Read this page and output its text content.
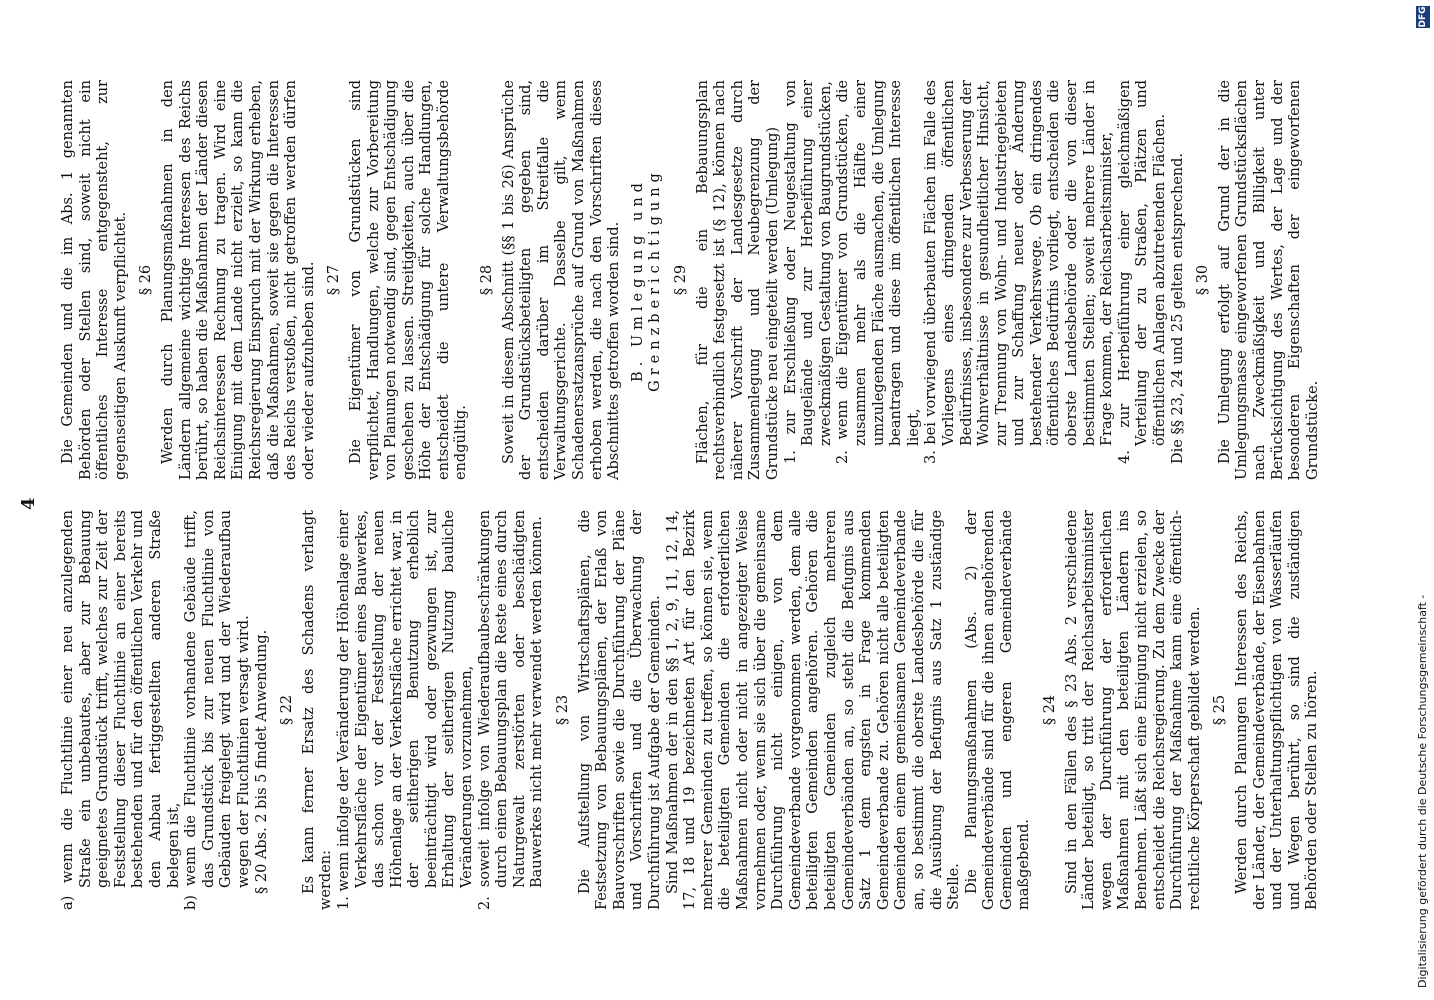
4

a) wenn die Fluchtlinie einer neu anzulegenden Straße ein unbebautes, aber zur Bebauung geeignetes Grundstück trifft, welches zur Zeit der Feststellung dieser Fluchtlinie an einer bereits bestehenden und für den öffentlichen Verkehr und den Anbau fertiggestellten anderen Straße belegen ist, b) wenn die Fluchtlinie vorhandene Gebäude trifft, das Grundstück bis zur neuen Fluchtlinie von Gebäuden freigelegt wird und der Wiederaufbau wegen der Fluchtlinien versagt wird. § 20 Abs. 2 bis 5 findet Anwendung. § 22 Es kann ferner Ersatz des Schadens verlangt werden: 1. wenn infolge der Veränderung der Höhenlage einer Verkehrsfläche der Eigentümer eines Bauwerkes, das schon vor der Feststellung der neuen Höhenlage an der Verkehrsfläche errichtet war, in der seitherigen Benutzung erheblich beeinträchtigt wird oder gezwungen ist, zur Erhaltung der seitherigen Nutzung bauliche Veränderungen vorzunehmen, 2. soweit infolge von Wiederaufbaubeschränkungen durch einen Bebauungsplan die Reste eines durch Naturgewalt zerstörten oder beschädigten Bauwerkes nicht mehr verwendet werden können. § 23 Die Aufstellung von Wirtschaftsplänen, die Festsetzung von Bebauungsplänen, der Erlaß von Bauvorschriften sowie die Durchführung der Pläne und Vorschriften und die Überwachung der Durchführung ist Aufgabe der Gemeinden. Sind Maßnahmen der in den §§ 1, 2, 9, 11, 12, 14, 17, 18 und 19 bezeichneten Art für den Bezirk mehrerer Gemeinden zu treffen, so können sie, wenn die beteiligten Gemeinden die erforderlichen Maßnahmen nicht oder nicht in angezeigter Weise vornehmen oder, wenn sie sich über die gemeinsame Durchführung nicht einigen, von dem Gemeindeverbande vorgenommen werden, dem alle beteiligten Gemeinden angehören. Gehören die beteiligten Gemeinden zugleich mehreren Gemeindeverbänden an, so steht die Befugnis aus Satz 1 dem engsten in Frage kommenden Gemeindeverbande zu. Gehören nicht alle beteiligten Gemeinden einem gemeinsamen Gemeindeverbande an, so bestimmt die oberste Landesbehörde die für die Ausübung der Befugnis aus Satz 1 zuständige Stelle. Die Planungsmaßnahmen (Abs. 2) der Gemeindeverbände sind für die ihnen angehörenden Gemeinden und engeren Gemeindeverbände maßgebend.

§ 24 Sind in den Fällen des § 23 Abs. 2 verschiedene Länder beteiligt, so tritt der Reichsarbeitsminister wegen der Durchführung der erforderlichen Maßnahmen mit den beteiligten Ländern ins Benehmen. Läßt sich eine Einigung nicht erzielen, so entscheidet die Reichsregierung. Zu dem Zwecke der Durchführung der Maßnahme kann eine öffentlich-rechtliche Körperschaft gebildet werden. § 25 Werden durch Planungen Interessen des Reichs, der Länder, der Gemeindeverbände, der Eisenbahnen und der Unterhaltungspflichtigen von Wasserläufen und Wegen berührt, so sind die zuständigen Behörden oder Stellen zu hören.

Die Gemeinden und die im Abs. 1 genannten Behörden oder Stellen sind, soweit nicht ein öffentliches Interesse entgegensteht, zur gegenseitigen Auskunft verpflichtet. § 26 Werden durch Planungsmaßnahmen in den Ländern allgemeine wichtige Interessen des Reichs berührt, so haben die Maßnahmen der Länder diesen Reichsinteressen Rechnung zu tragen. Wird eine Einigung mit dem Lande nicht erzielt, so kann die Reichsregierung Einspruch mit der Wirkung erheben, daß die Maßnahmen, soweit sie gegen die Interessen des Reichs verstoßen, nicht getroffen werden dürfen oder wieder aufzuheben sind. § 27 Die Eigentümer von Grundstücken sind verpflichtet, Handlungen, welche zur Vorbereitung von Planungen notwendig sind, gegen Entschädigung geschehen zu lassen. Streitigkeiten, auch über die Höhe der Entschädigung für solche Handlungen, entscheidet die untere Verwaltungsbehörde endgültig.

§ 28 Soweit in diesem Abschnitt (§§ 1 bis 26) Ansprüche der Grundstücksbeteiligten gegeben sind, entscheiden darüber im Streitfalle die Verwaltungsgerichte. Dasselbe gilt, wenn Schadenersatzansprüche auf Grund von Maßnahmen erhoben werden, die nach den Vorschriften dieses Abschnittes getroffen worden sind. B. Umlegung und Grenzberichtigung § 29 Flächen, für die ein Bebauungsplan rechtsverbindlich festgesetzt ist (§ 12), können nach näherer Vorschrift der Landesgesetze durch Zusammenlegung und Neubegrenzung der Grundstücke neu eingeteilt werden (Umlegung) 1. zur Erschließung oder Neugestaltung von Baugelände und zur Herbeiführung einer zweckmäßigen Gestaltung von Baugrundstücken, 2. wenn die Eigentümer von Grundstücken, die zusammen mehr als die Hälfte einer umzulegenden Fläche ausmachen, die Umlegung beantragen und diese im öffentlichen Interesse liegt, 3. bei vorwiegend überbauten Flächen im Falle des Vorliegens eines dringenden öffentlichen Bedürfnisses, insbesondere zur Verbesserung der Wohnverhältnisse in gesundheitlicher Hinsicht, zur Trennung von Wohn- und Industriegebieten und zur Schaffung neuer oder Änderung bestehender Verkehrswege. Ob ein dringendes öffentliches Bedürfnis vorliegt, entscheiden die oberste Landesbehörde oder die von dieser bestimmten Stellen; soweit mehrere Länder in Frage kommen, der Reichsarbeitsminister, 4. zur Herbeiführung einer gleichmäßigen Verteilung der zu Straßen, Plätzen und öffentlichen Anlagen abzutretenden Flächen. Die §§ 23, 24 und 25 gelten entsprechend. § 30 Die Umlegung erfolgt auf Grund der in die Umlegungsmasse eingeworfenen Grundstücksflächen nach Zweckmäßigkeit und Billigkeit unter Berücksichtigung des Wertes, der Lage und der besonderen Eigenschaften der eingeworfenen Grundstücke.

Digitalisierung gefördert durch die Deutsche Forschungsgemeinschaft -
DFG
